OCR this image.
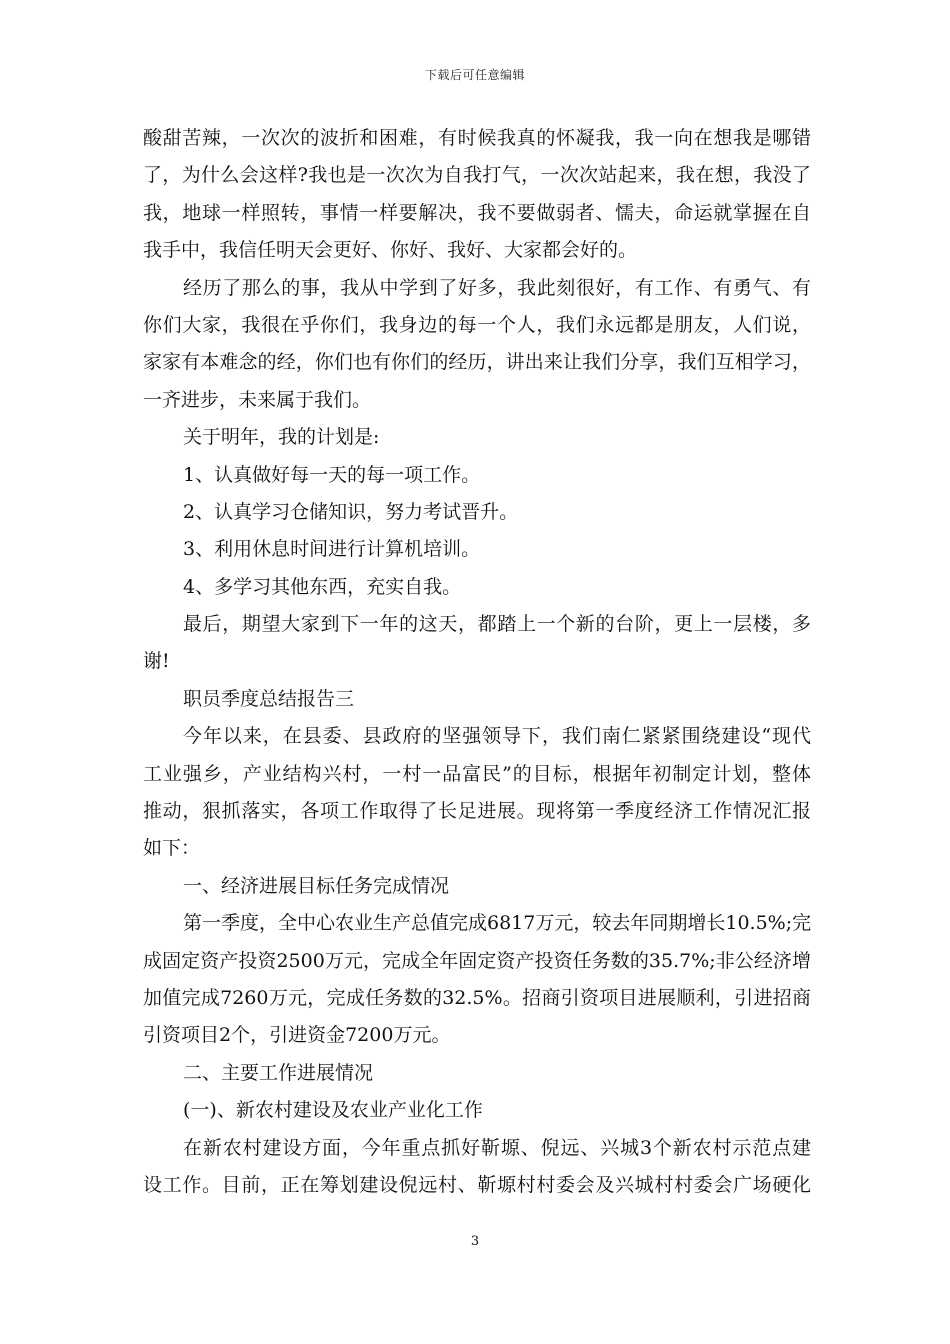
下载后可任意编辑
酸甜苦辣，一次次的波折和困难，有时候我真的怀凝我，我一向在想我是哪错
了，为什么会这样?我也是一次次为自我打气，一次次站起来，我在想，我没了
我，地球一样照转，事情一样要解决，我不要做弱者、懦夫，命运就掌握在自
我手中，我信任明天会更好、你好、我好、大家都会好的。
经历了那么的事，我从中学到了好多，我此刻很好，有工作、有勇气、有
你们大家，我很在乎你们，我身边的每一个人，我们永远都是朋友，人们说，
家家有本难念的经，你们也有你们的经历，讲出来让我们分享，我们互相学习，
一齐进步，未来属于我们。
关于明年，我的计划是:
1、认真做好每一天的每一项工作。
2、认真学习仓储知识，努力考试晋升。
3、利用休息时间进行计算机培训。
4、多学习其他东西，充实自我。
最后，期望大家到下一年的这天，都踏上一个新的台阶，更上一层楼，多
谢!
职员季度总结报告三
今年以来，在县委、县政府的坚强领导下，我们南仁紧紧围绕建设“现代
工业强乡，产业结构兴村，一村一品富民”的目标，根据年初制定计划，整体
推动，狠抓落实，各项工作取得了长足进展。现将第一季度经济工作情况汇报
如下：
一、经济进展目标任务完成情况
第一季度，全中心农业生产总值完成6817万元，较去年同期增长10.5%;完
成固定资产投资2500万元，完成全年固定资产投资任务数的35.7%;非公经济增
加值完成7260万元，完成任务数的32.5%。招商引资项目进展顺利，引进招商
引资项目2个，引进资金7200万元。
二、主要工作进展情况
(一)、新农村建设及农业产业化工作
在新农村建设方面，今年重点抓好靳塬、倪远、兴城3个新农村示范点建
设工作。目前，正在筹划建设倪远村、靳塬村村委会及兴城村村委会广场硬化
3
